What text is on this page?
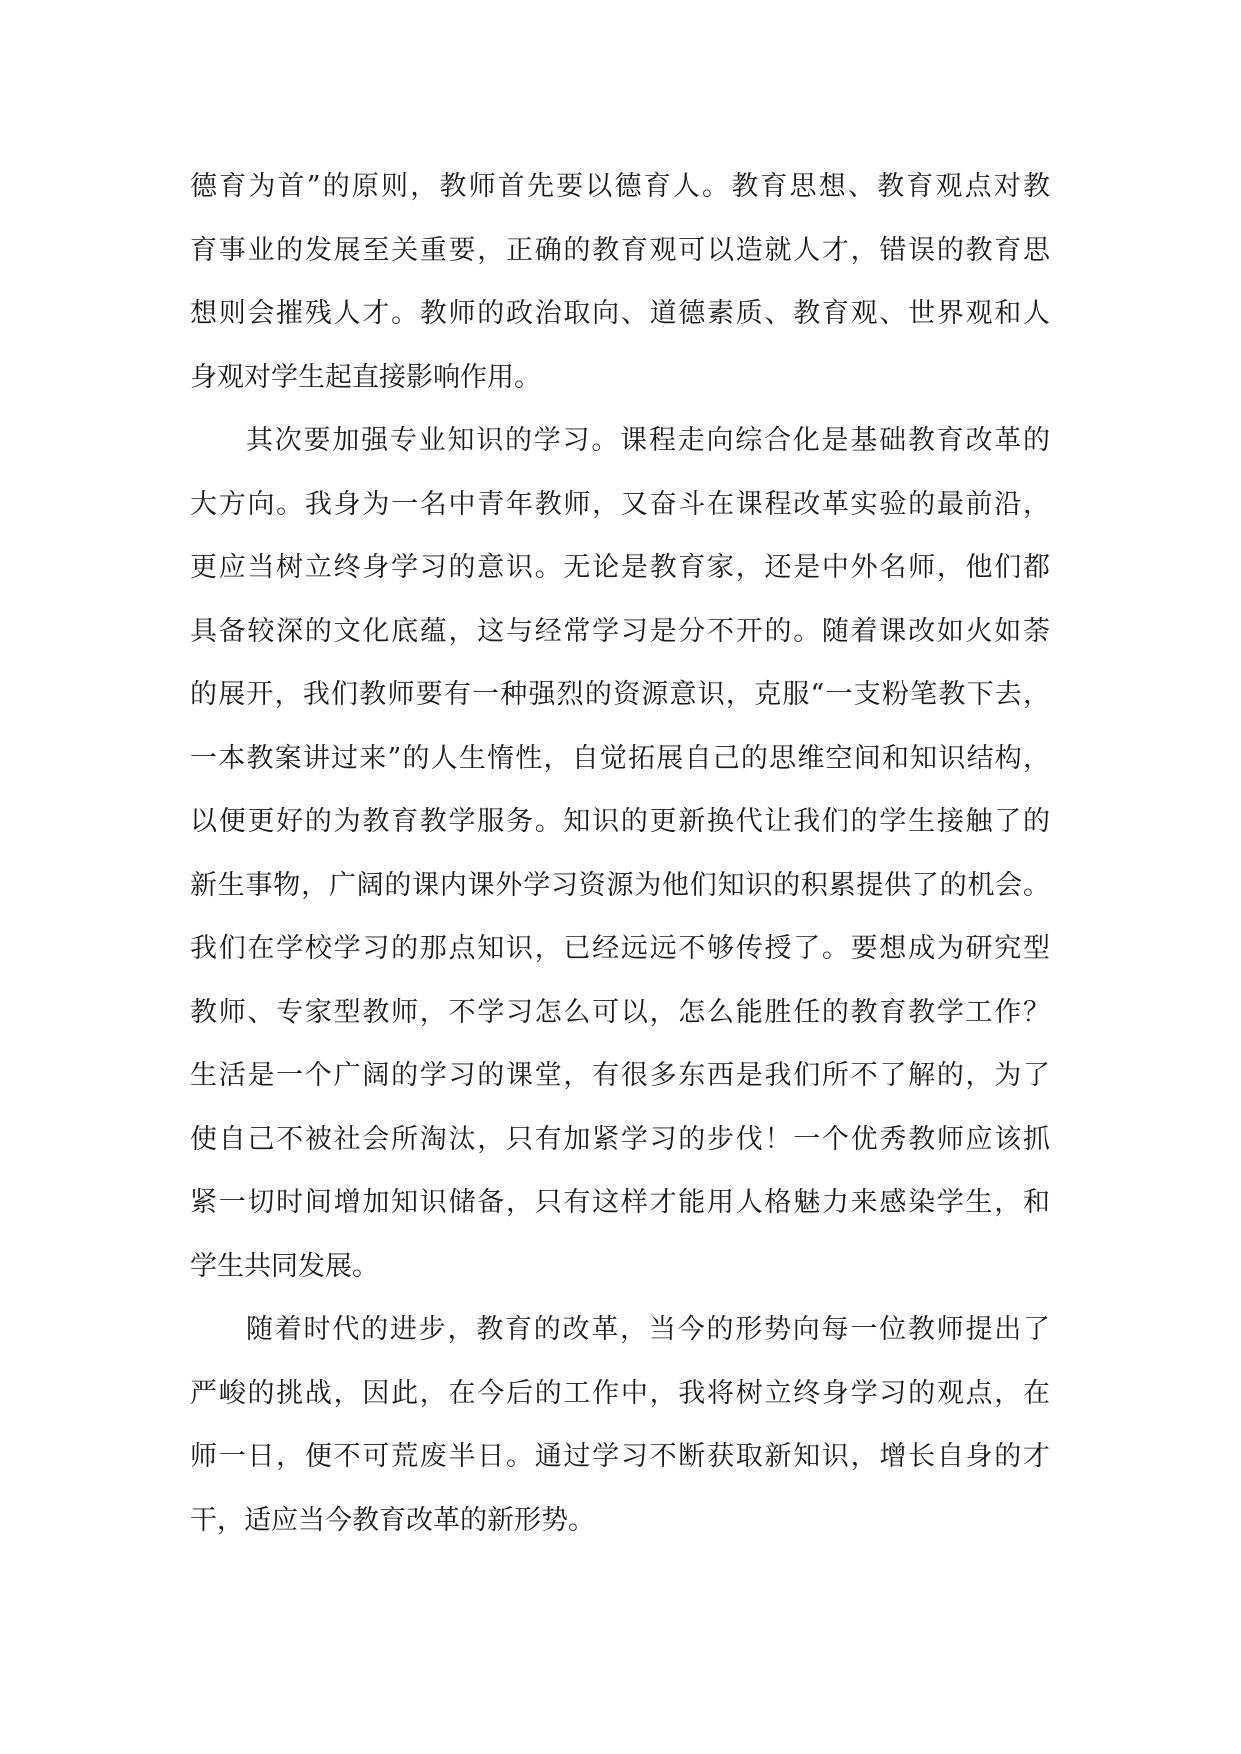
德育为首”的原则，教师首先要以德育人。教育思想、教育观点对教
育事业的发展至关重要，正确的教育观可以造就人才，错误的教育思
想则会摧残人才。教师的政治取向、道德素质、教育观、世界观和人
身观对学生起直接影响作用。
其次要加强专业知识的学习。课程走向综合化是基础教育改革的
大方向。我身为一名中青年教师，又奋斗在课程改革实验的最前沿，
更应当树立终身学习的意识。无论是教育家，还是中外名师，他们都
具备较深的文化底蕴，这与经常学习是分不开的。随着课改如火如荼
的展开，我们教师要有一种强烈的资源意识，克服“一支粉笔教下去，
一本教案讲过来”的人生惰性，自觉拓展自己的思维空间和知识结构，
以便更好的为教育教学服务。知识的更新换代让我们的学生接触了的
新生事物，广阔的课内课外学习资源为他们知识的积累提供了的机会。
我们在学校学习的那点知识，已经远远不够传授了。要想成为研究型
教师、专家型教师，不学习怎么可以，怎么能胜任的教育教学工作？
生活是一个广阔的学习的课堂，有很多东西是我们所不了解的，为了
使自己不被社会所淘汰，只有加紧学习的步伐！一个优秀教师应该抓
紧一切时间增加知识储备，只有这样才能用人格魅力来感染学生，和
学生共同发展。
随着时代的进步，教育的改革，当今的形势向每一位教师提出了
严峻的挑战，因此，在今后的工作中，我将树立终身学习的观点，在
师一日，便不可荒废半日。通过学习不断获取新知识，增长自身的才
干，适应当今教育改革的新形势。
